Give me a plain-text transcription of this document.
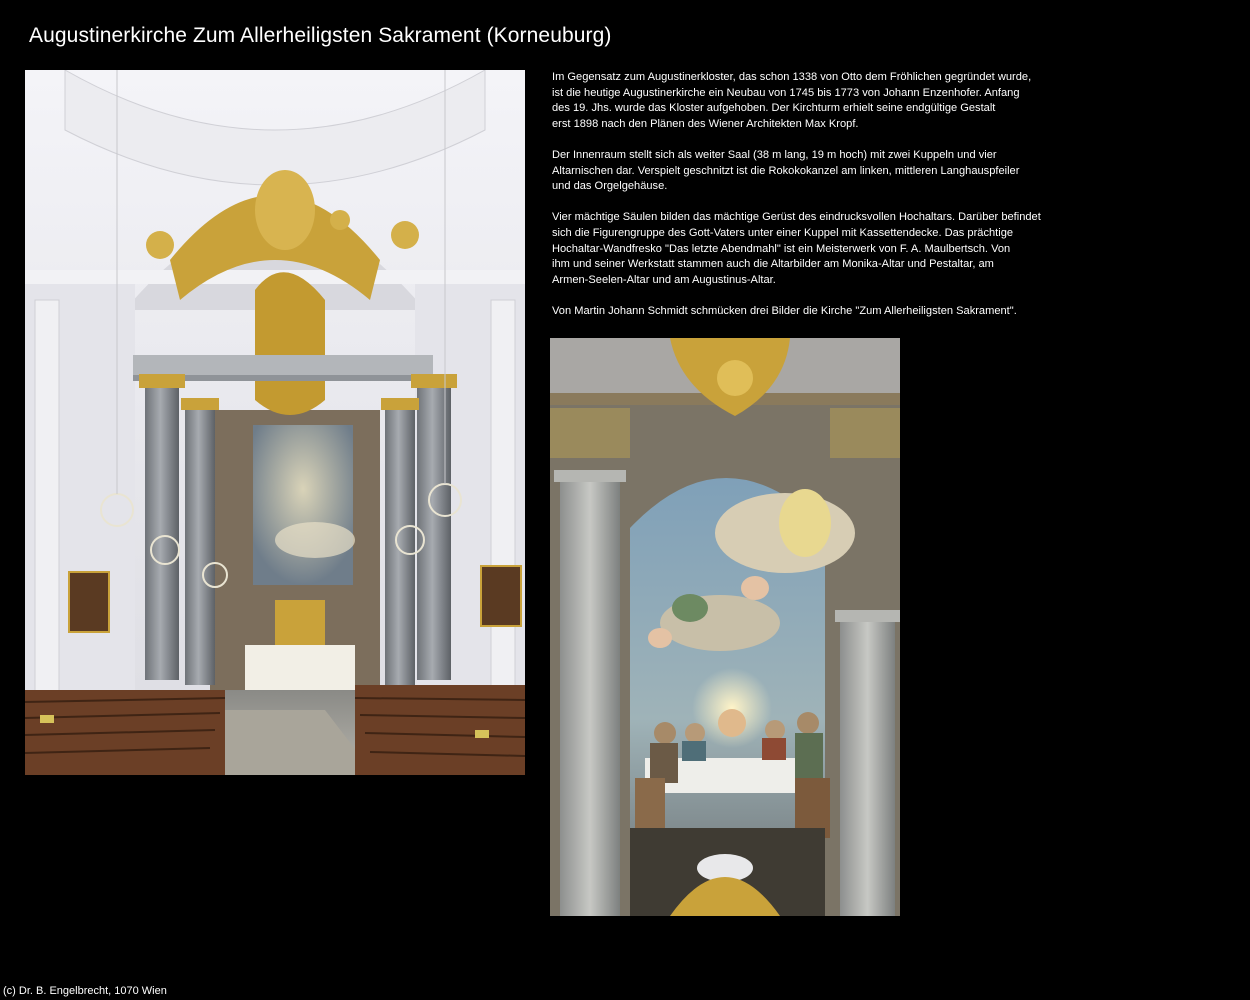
Augustinerkirche Zum Allerheiligsten Sakrament (Korneuburg)

Im Gegensatz zum Augustinerkloster, das schon 1338 von Otto dem Fröhlichen gegründet wurde,
ist die heutige Augustinerkirche ein Neubau von 1745 bis 1773 von Johann Enzenhofer. Anfang
des 19. Jhs. wurde das Kloster aufgehoben. Der Kirchturm erhielt seine endgültige Gestalt
erst 1898 nach den Plänen des Wiener Architekten Max Kropf.

Der Innenraum stellt sich als weiter Saal (38 m lang, 19 m hoch) mit zwei Kuppeln und vier
Altarnischen dar. Verspielt geschnitzt ist die Rokokokanzel am linken, mittleren Langhauspfeiler
und das Orgelgehäuse.

Vier mächtige Säulen bilden das mächtige Gerüst des eindrucksvollen Hochaltars. Darüber befindet
sich die Figurengruppe des Gott-Vaters unter einer Kuppel mit Kassettendecke. Das prächtige
Hochaltar-Wandfresko "Das letzte Abendmahl" ist ein Meisterwerk von F. A. Maulbertsch. Von
ihm und seiner Werkstatt stammen auch die Altarbilder am Monika-Altar und Pestaltar, am
Armen-Seelen-Altar und am Augustinus-Altar.

Von Martin Johann Schmidt schmücken drei Bilder die Kirche "Zum Allerheiligsten Sakrament".

(c) Dr. B. Engelbrecht, 1070 Wien
